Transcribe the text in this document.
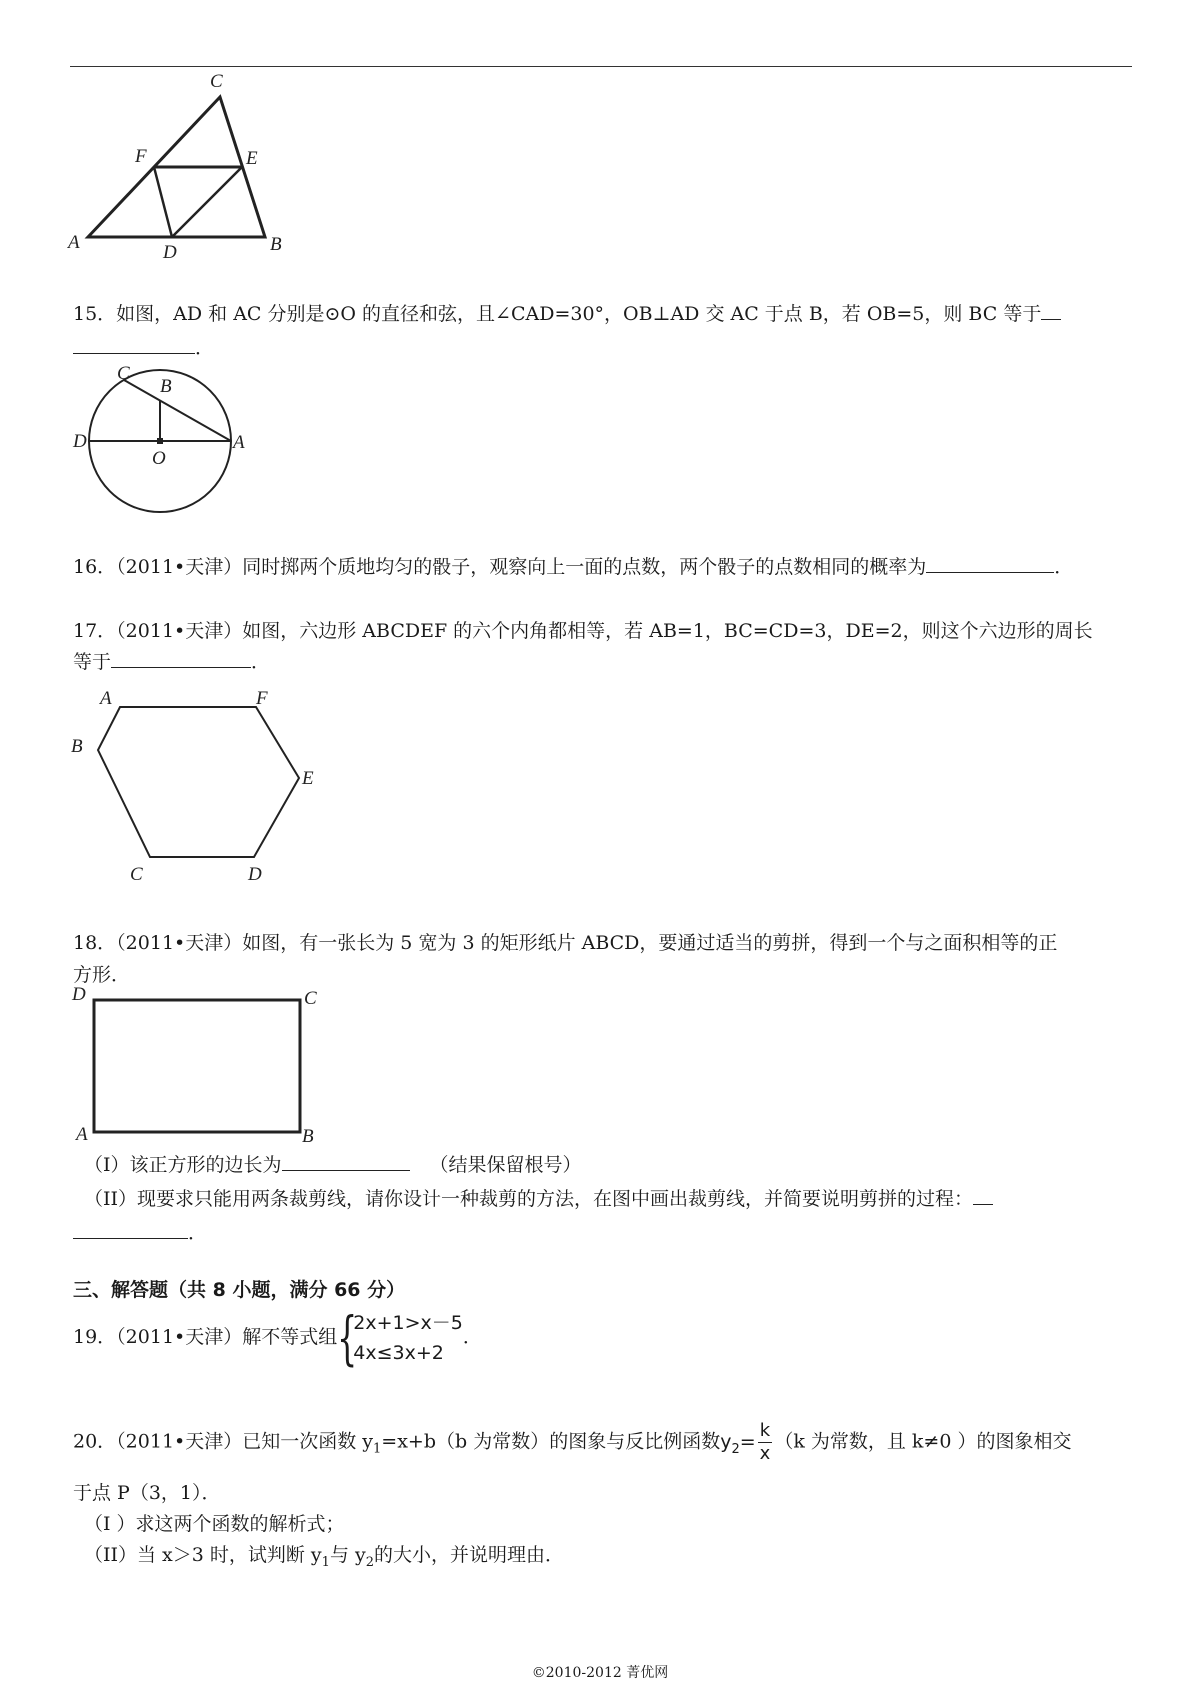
A	B
C
D
E
F
15．如图，AD 和 AC 分别是⊙O 的直径和弦，且∠CAD=30°，OB⊥AD 交 AC 于点 B，若 OB=5，则 BC 等于
．
C
B
D	A
O
16．（2011•天津）同时掷两个质地均匀的骰子，观察向上一面的点数，两个骰子的点数相同的概率为	．
17．（2011•天津）如图，六边形 ABCDEF 的六个内角都相等，若 AB=1，BC=CD=3，DE=2，则这个六边形的周长
等于	．
A	F
B
E
C	D
18．（2011•天津）如图，有一张长为 5 宽为 3 的矩形纸片 ABCD，要通过适当的剪拼，得到一个与之面积相等的正
方形．
D	C
A	B
（I）该正方形的边长为	（结果保留根号）
（II）现要求只能用两条裁剪线，请你设计一种裁剪的方法，在图中画出裁剪线，并简要说明剪拼的过程：
．
三、解答题（共 8 小题，满分 66 分）
19．（2011•天津）解不等式组 {
2x+1>x－5
4x≤3x+2
．
20．（2011•天津）已知一次函数 $y_1=x+b(b$ 为常数）的图象与反比例函数$y_2= \frac{k}{x} (k$ 为常数，且 k≠0 ）的图象相交
于点 P（3，1）．
（I ）求这两个函数的解析式；
（II）当 x＞3 时，试判断 $y_1$与 $y_2$的大小，并说明理由．
©2010-2012 菁优网
